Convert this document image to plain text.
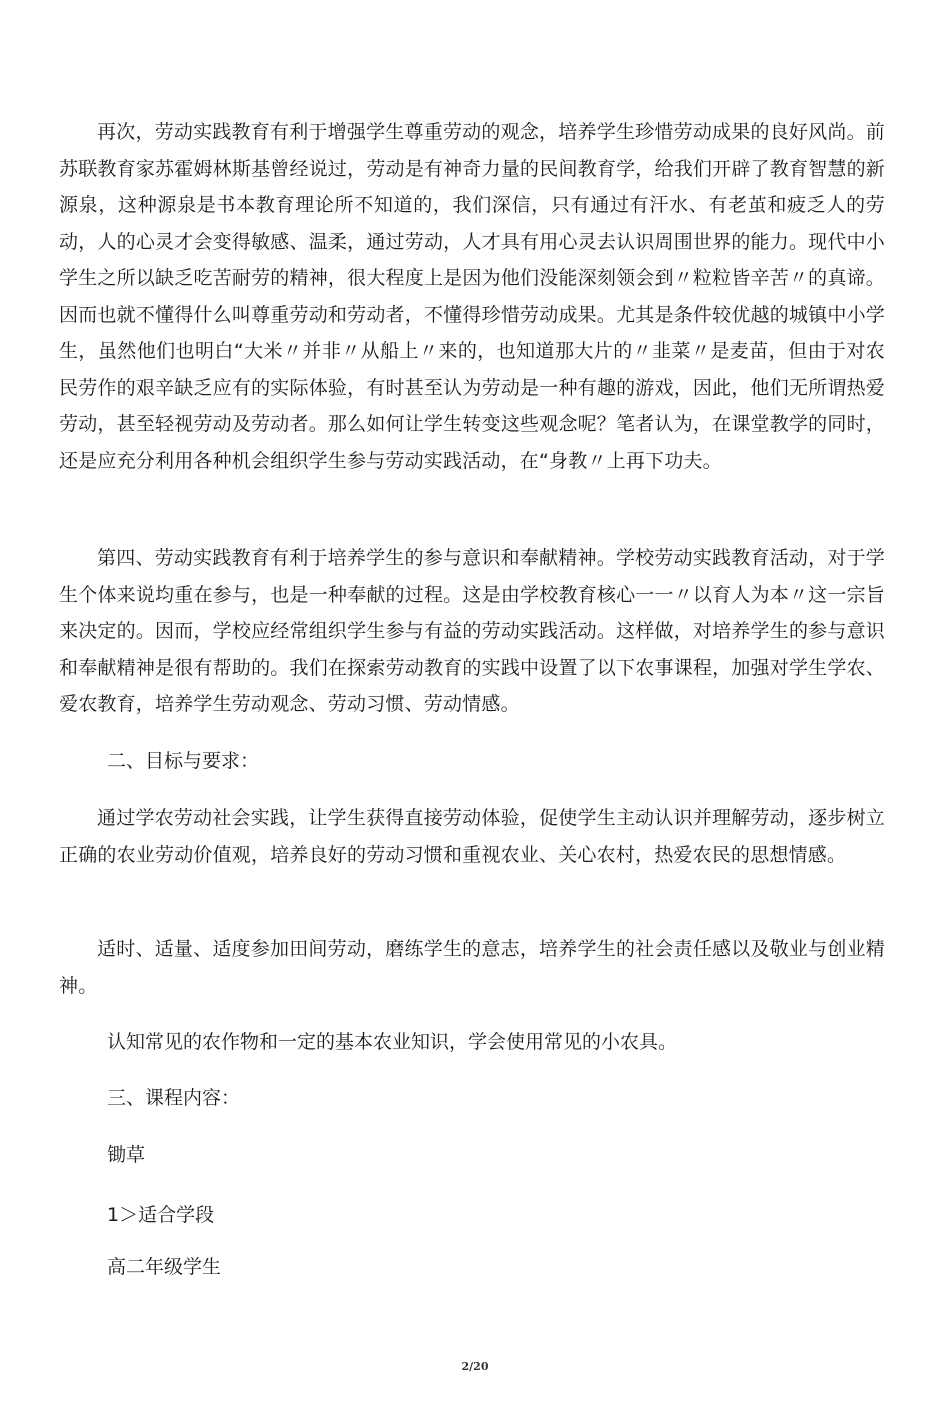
再次，劳动实践教育有利于增强学生尊重劳动的观念，培养学生珍惜劳动成果的良好风尚。前苏联教育家苏霍姆林斯基曾经说过，劳动是有神奇力量的民间教育学，给我们开辟了教育智慧的新源泉，这种源泉是书本教育理论所不知道的，我们深信，只有通过有汗水、有老茧和疲乏人的劳动，人的心灵才会变得敏感、温柔，通过劳动，人才具有用心灵去认识周围世界的能力。现代中小学生之所以缺乏吃苦耐劳的精神，很大程度上是因为他们没能深刻领会到〃粒粒皆辛苦〃的真谛。因而也就不懂得什么叫尊重劳动和劳动者，不懂得珍惜劳动成果。尤其是条件较优越的城镇中小学生，虽然他们也明白“大米〃并非〃从船上〃来的，也知道那大片的〃韭菜〃是麦苗，但由于对农民劳作的艰辛缺乏应有的实际体验，有时甚至认为劳动是一种有趣的游戏，因此，他们无所谓热爱劳动，甚至轻视劳动及劳动者。那么如何让学生转变这些观念呢？笔者认为，在课堂教学的同时，还是应充分利用各种机会组织学生参与劳动实践活动，在“身教〃上再下功夫。

第四、劳动实践教育有利于培养学生的参与意识和奉献精神。学校劳动实践教育活动，对于学生个体来说均重在参与，也是一种奉献的过程。这是由学校教育核心一一〃以育人为本〃这一宗旨来决定的。因而，学校应经常组织学生参与有益的劳动实践活动。这样做，对培养学生的参与意识和奉献精神是很有帮助的。我们在探索劳动教育的实践中设置了以下农事课程，加强对学生学农、爱农教育，培养学生劳动观念、劳动习惯、劳动情感。

二、目标与要求：

通过学农劳动社会实践，让学生获得直接劳动体验，促使学生主动认识并理解劳动，逐步树立正确的农业劳动价值观，培养良好的劳动习惯和重视农业、关心农村，热爱农民的思想情感。

适时、适量、适度参加田间劳动，磨练学生的意志，培养学生的社会责任感以及敬业与创业精神。

认知常见的农作物和一定的基本农业知识，学会使用常见的小农具。

三、课程内容：

锄草

1＞适合学段

高二年级学生

2/20
